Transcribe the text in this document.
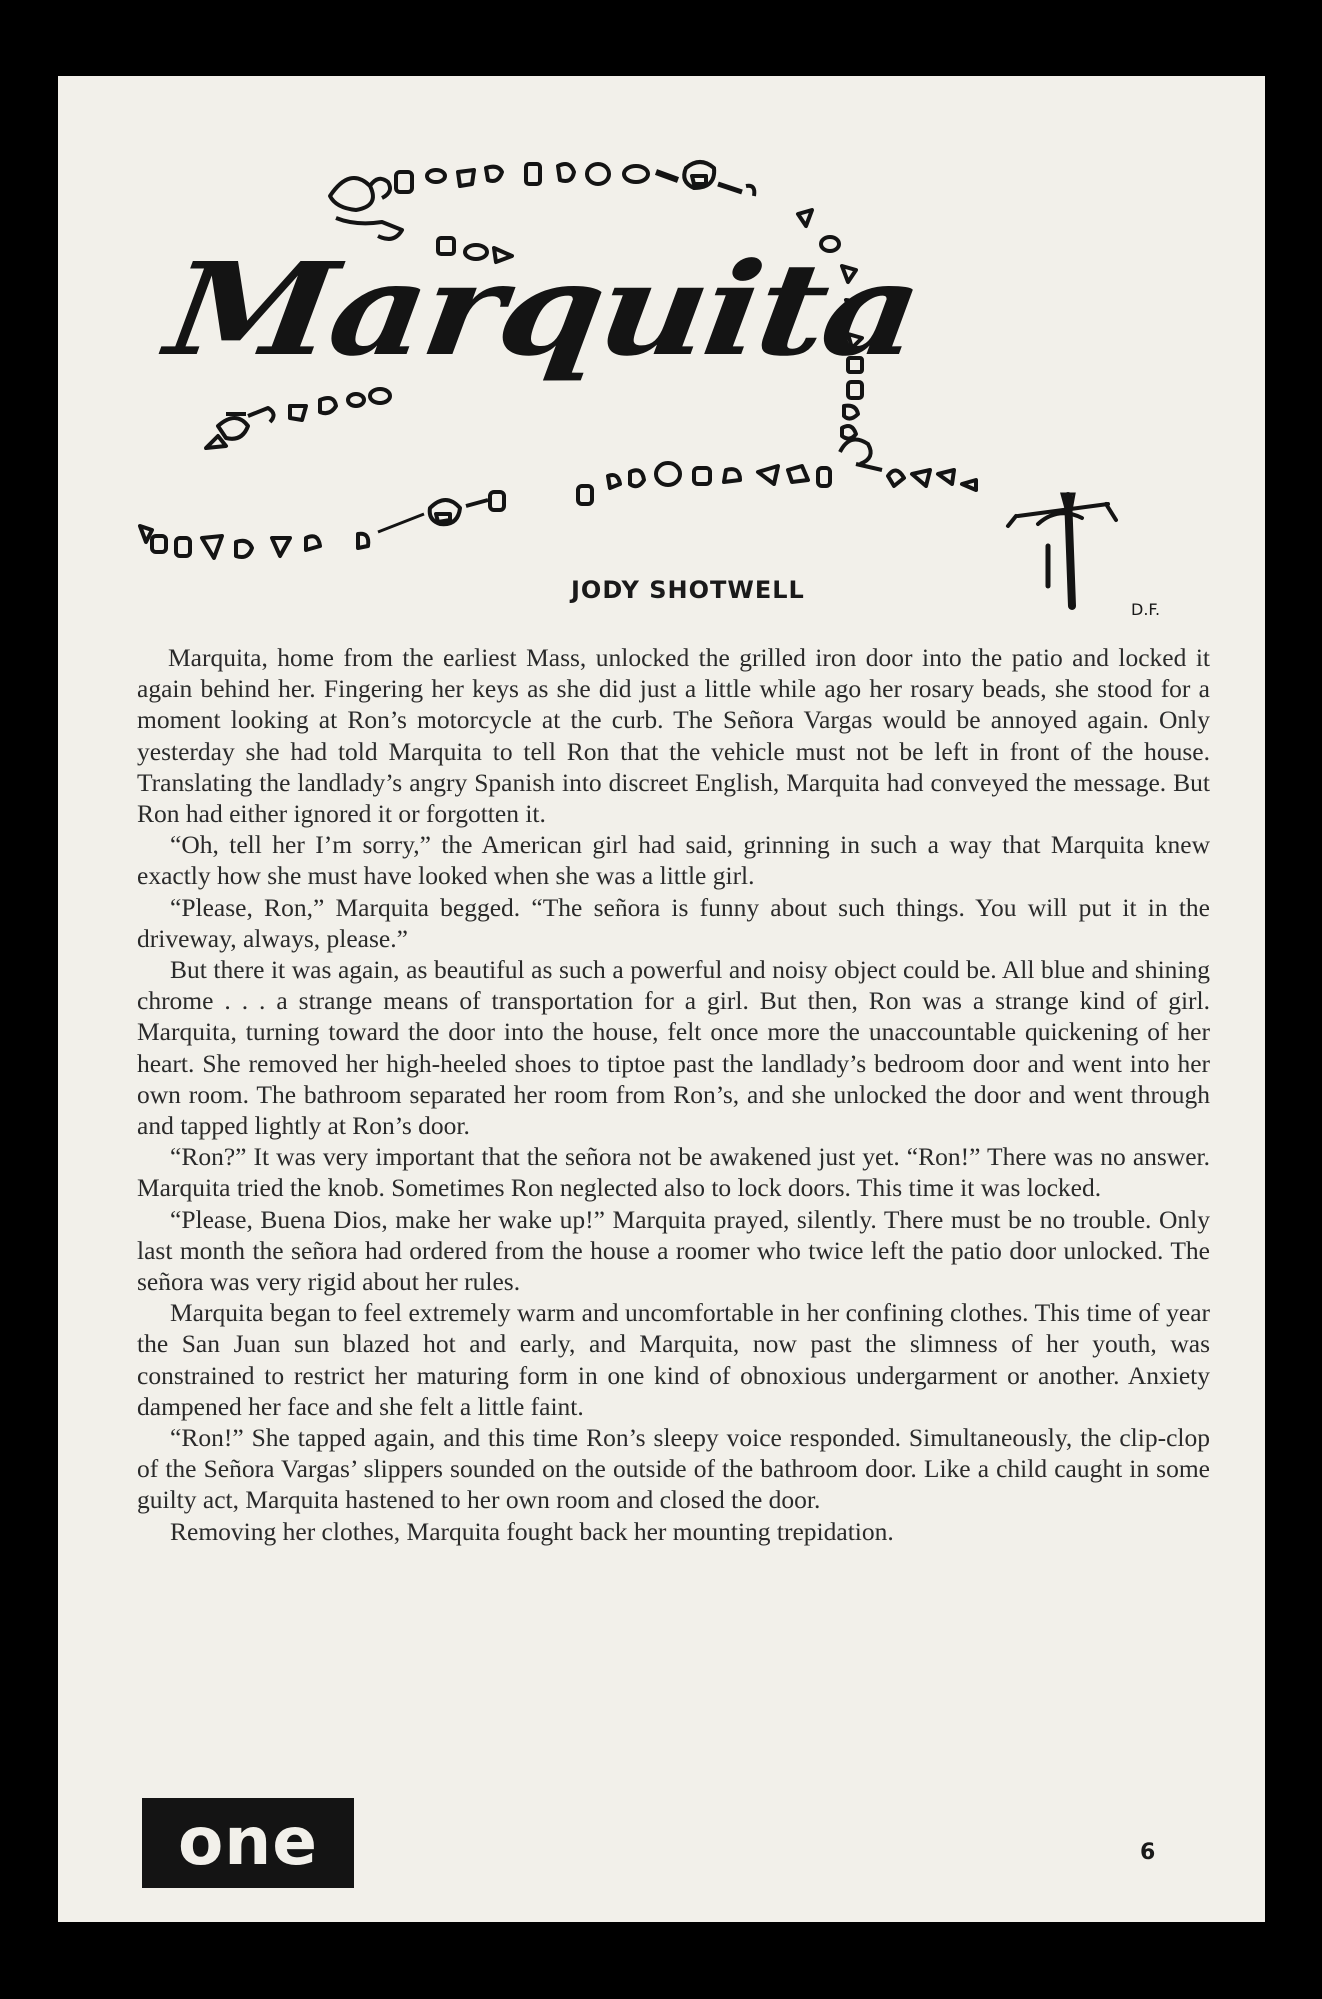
Marquita
JODY SHOTWELL
D.F.

Marquita, home from the earliest Mass, unlocked the grilled iron door into the patio and locked it again behind her. Fingering her keys as she did just a little while ago her rosary beads, she stood for a moment looking at Ron’s motorcycle at the curb. The Señora Vargas would be annoyed again. Only yesterday she had told Marquita to tell Ron that the vehicle must not be left in front of the house. Translating the landlady’s angry Spanish into discreet English, Marquita had conveyed the message. But Ron had either ignored it or forgotten it.

“Oh, tell her I’m sorry,” the American girl had said, grinning in such a way that Marquita knew exactly how she must have looked when she was a little girl.

“Please, Ron,” Marquita begged. “The señora is funny about such things. You will put it in the driveway, always, please.”

But there it was again, as beautiful as such a powerful and noisy object could be. All blue and shining chrome . . . a strange means of transportation for a girl. But then, Ron was a strange kind of girl. Marquita, turning toward the door into the house, felt once more the unaccountable quickening of her heart. She removed her high-heeled shoes to tiptoe past the landlady’s bedroom door and went into her own room. The bathroom separated her room from Ron’s, and she unlocked the door and went through and tapped lightly at Ron’s door.

“Ron?” It was very important that the señora not be awakened just yet. “Ron!” There was no answer. Marquita tried the knob. Sometimes Ron neglected also to lock doors. This time it was locked.

“Please, Buena Dios, make her wake up!” Marquita prayed, silently. There must be no trouble. Only last month the señora had ordered from the house a roomer who twice left the patio door unlocked. The señora was very rigid about her rules.

Marquita began to feel extremely warm and uncomfortable in her confining clothes. This time of year the San Juan sun blazed hot and early, and Marquita, now past the slimness of her youth, was constrained to restrict her maturing form in one kind of obnoxious undergarment or another. Anxiety dampened her face and she felt a little faint.

“Ron!” She tapped again, and this time Ron’s sleepy voice responded. Simultaneously, the clip-clop of the Señora Vargas’ slippers sounded on the outside of the bathroom door. Like a child caught in some guilty act, Marquita hastened to her own room and closed the door.

Removing her clothes, Marquita fought back her mounting trepidation.

one	6
